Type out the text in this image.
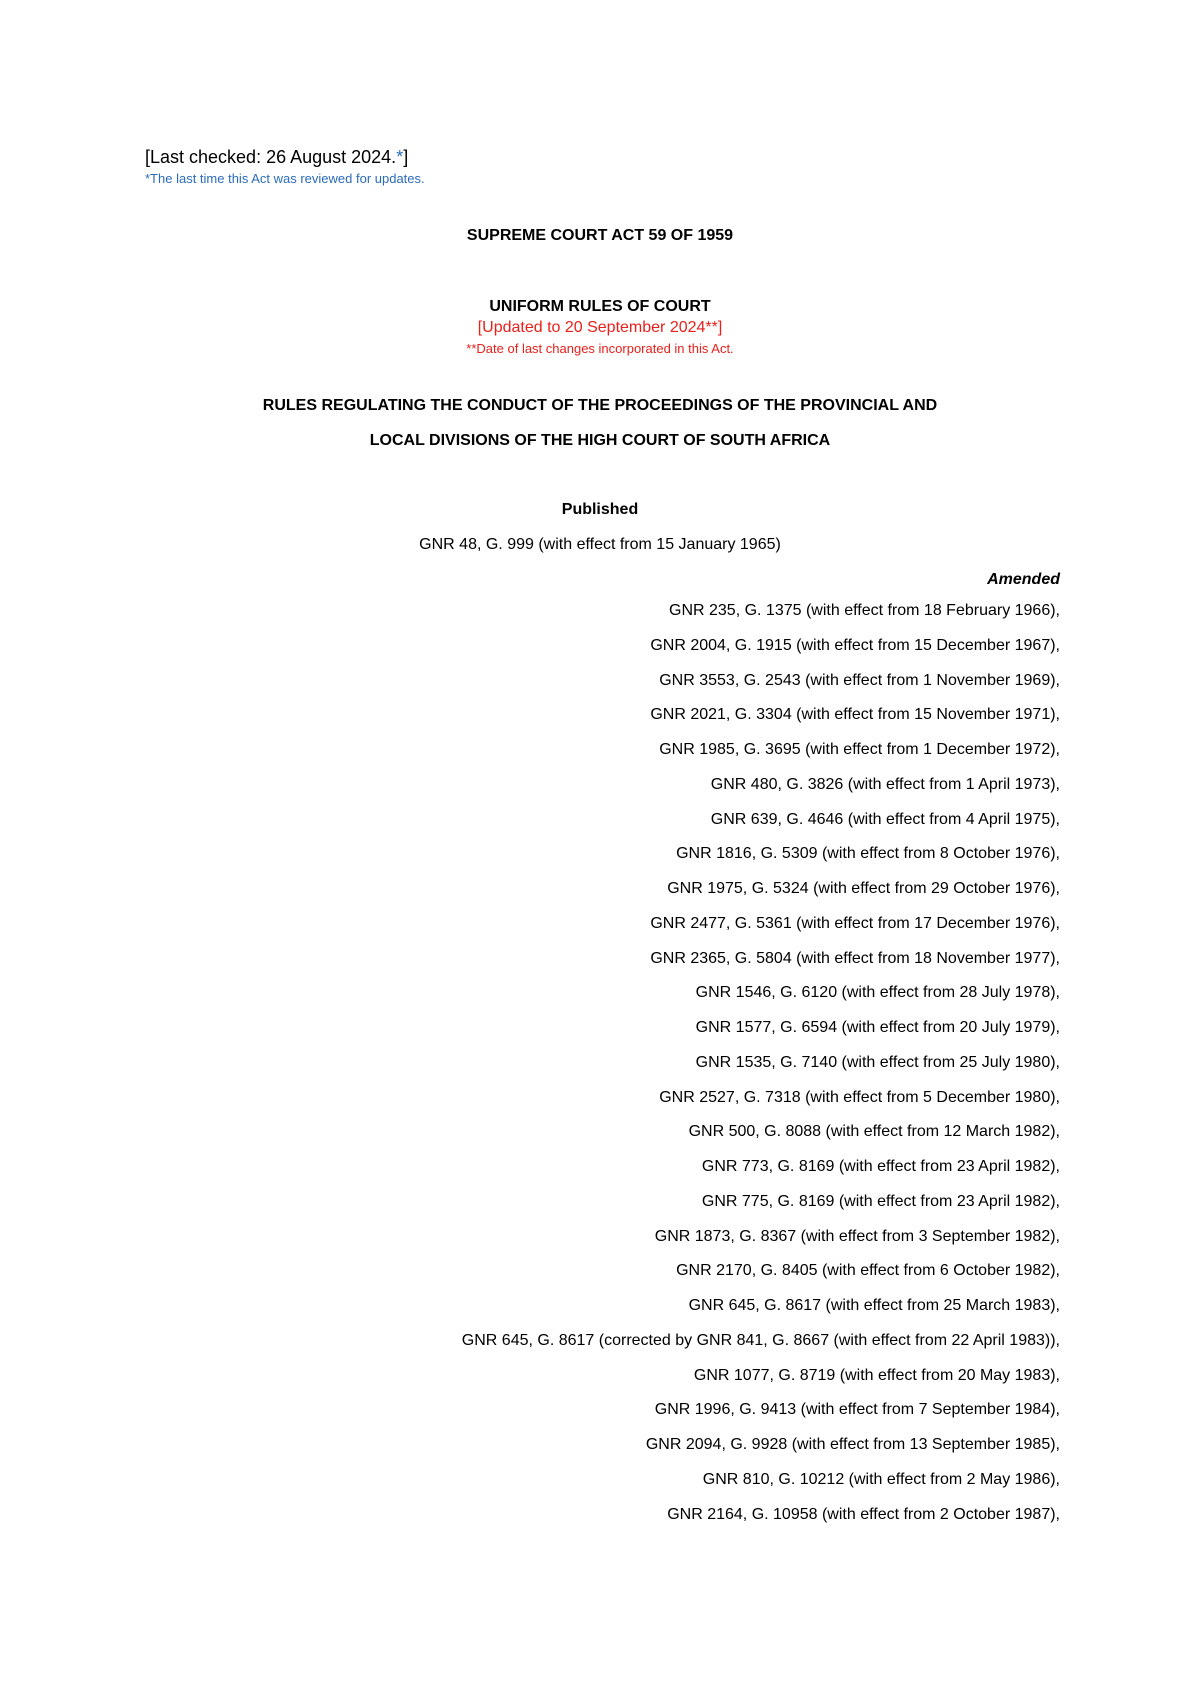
[Last checked: 26 August 2024.*]
*The last time this Act was reviewed for updates.
SUPREME COURT ACT 59 OF 1959
UNIFORM RULES OF COURT
[Updated to 20 September 2024**]
**Date of last changes incorporated in this Act.
RULES REGULATING THE CONDUCT OF THE PROCEEDINGS OF THE PROVINCIAL AND
LOCAL DIVISIONS OF THE HIGH COURT OF SOUTH AFRICA
Published
GNR 48, G. 999 (with effect from 15 January 1965)
Amended
GNR 235, G. 1375 (with effect from 18 February 1966),
GNR 2004, G. 1915 (with effect from 15 December 1967),
GNR 3553, G. 2543 (with effect from 1 November 1969),
GNR 2021, G. 3304 (with effect from 15 November 1971),
GNR 1985, G. 3695 (with effect from 1 December 1972),
GNR 480, G. 3826 (with effect from 1 April 1973),
GNR 639, G. 4646 (with effect from 4 April 1975),
GNR 1816, G. 5309 (with effect from 8 October 1976),
GNR 1975, G. 5324 (with effect from 29 October 1976),
GNR 2477, G. 5361 (with effect from 17 December 1976),
GNR 2365, G. 5804 (with effect from 18 November 1977),
GNR 1546, G. 6120 (with effect from 28 July 1978),
GNR 1577, G. 6594 (with effect from 20 July 1979),
GNR 1535, G. 7140 (with effect from 25 July 1980),
GNR 2527, G. 7318 (with effect from 5 December 1980),
GNR 500, G. 8088 (with effect from 12 March 1982),
GNR 773, G. 8169 (with effect from 23 April 1982),
GNR 775, G. 8169 (with effect from 23 April 1982),
GNR 1873, G. 8367 (with effect from 3 September 1982),
GNR 2170, G. 8405 (with effect from 6 October 1982),
GNR 645, G. 8617 (with effect from 25 March 1983),
GNR 645, G. 8617 (corrected by GNR 841, G. 8667 (with effect from 22 April 1983)),
GNR 1077, G. 8719 (with effect from 20 May 1983),
GNR 1996, G. 9413 (with effect from 7 September 1984),
GNR 2094, G. 9928 (with effect from 13 September 1985),
GNR 810, G. 10212 (with effect from 2 May 1986),
GNR 2164, G. 10958 (with effect from 2 October 1987),
